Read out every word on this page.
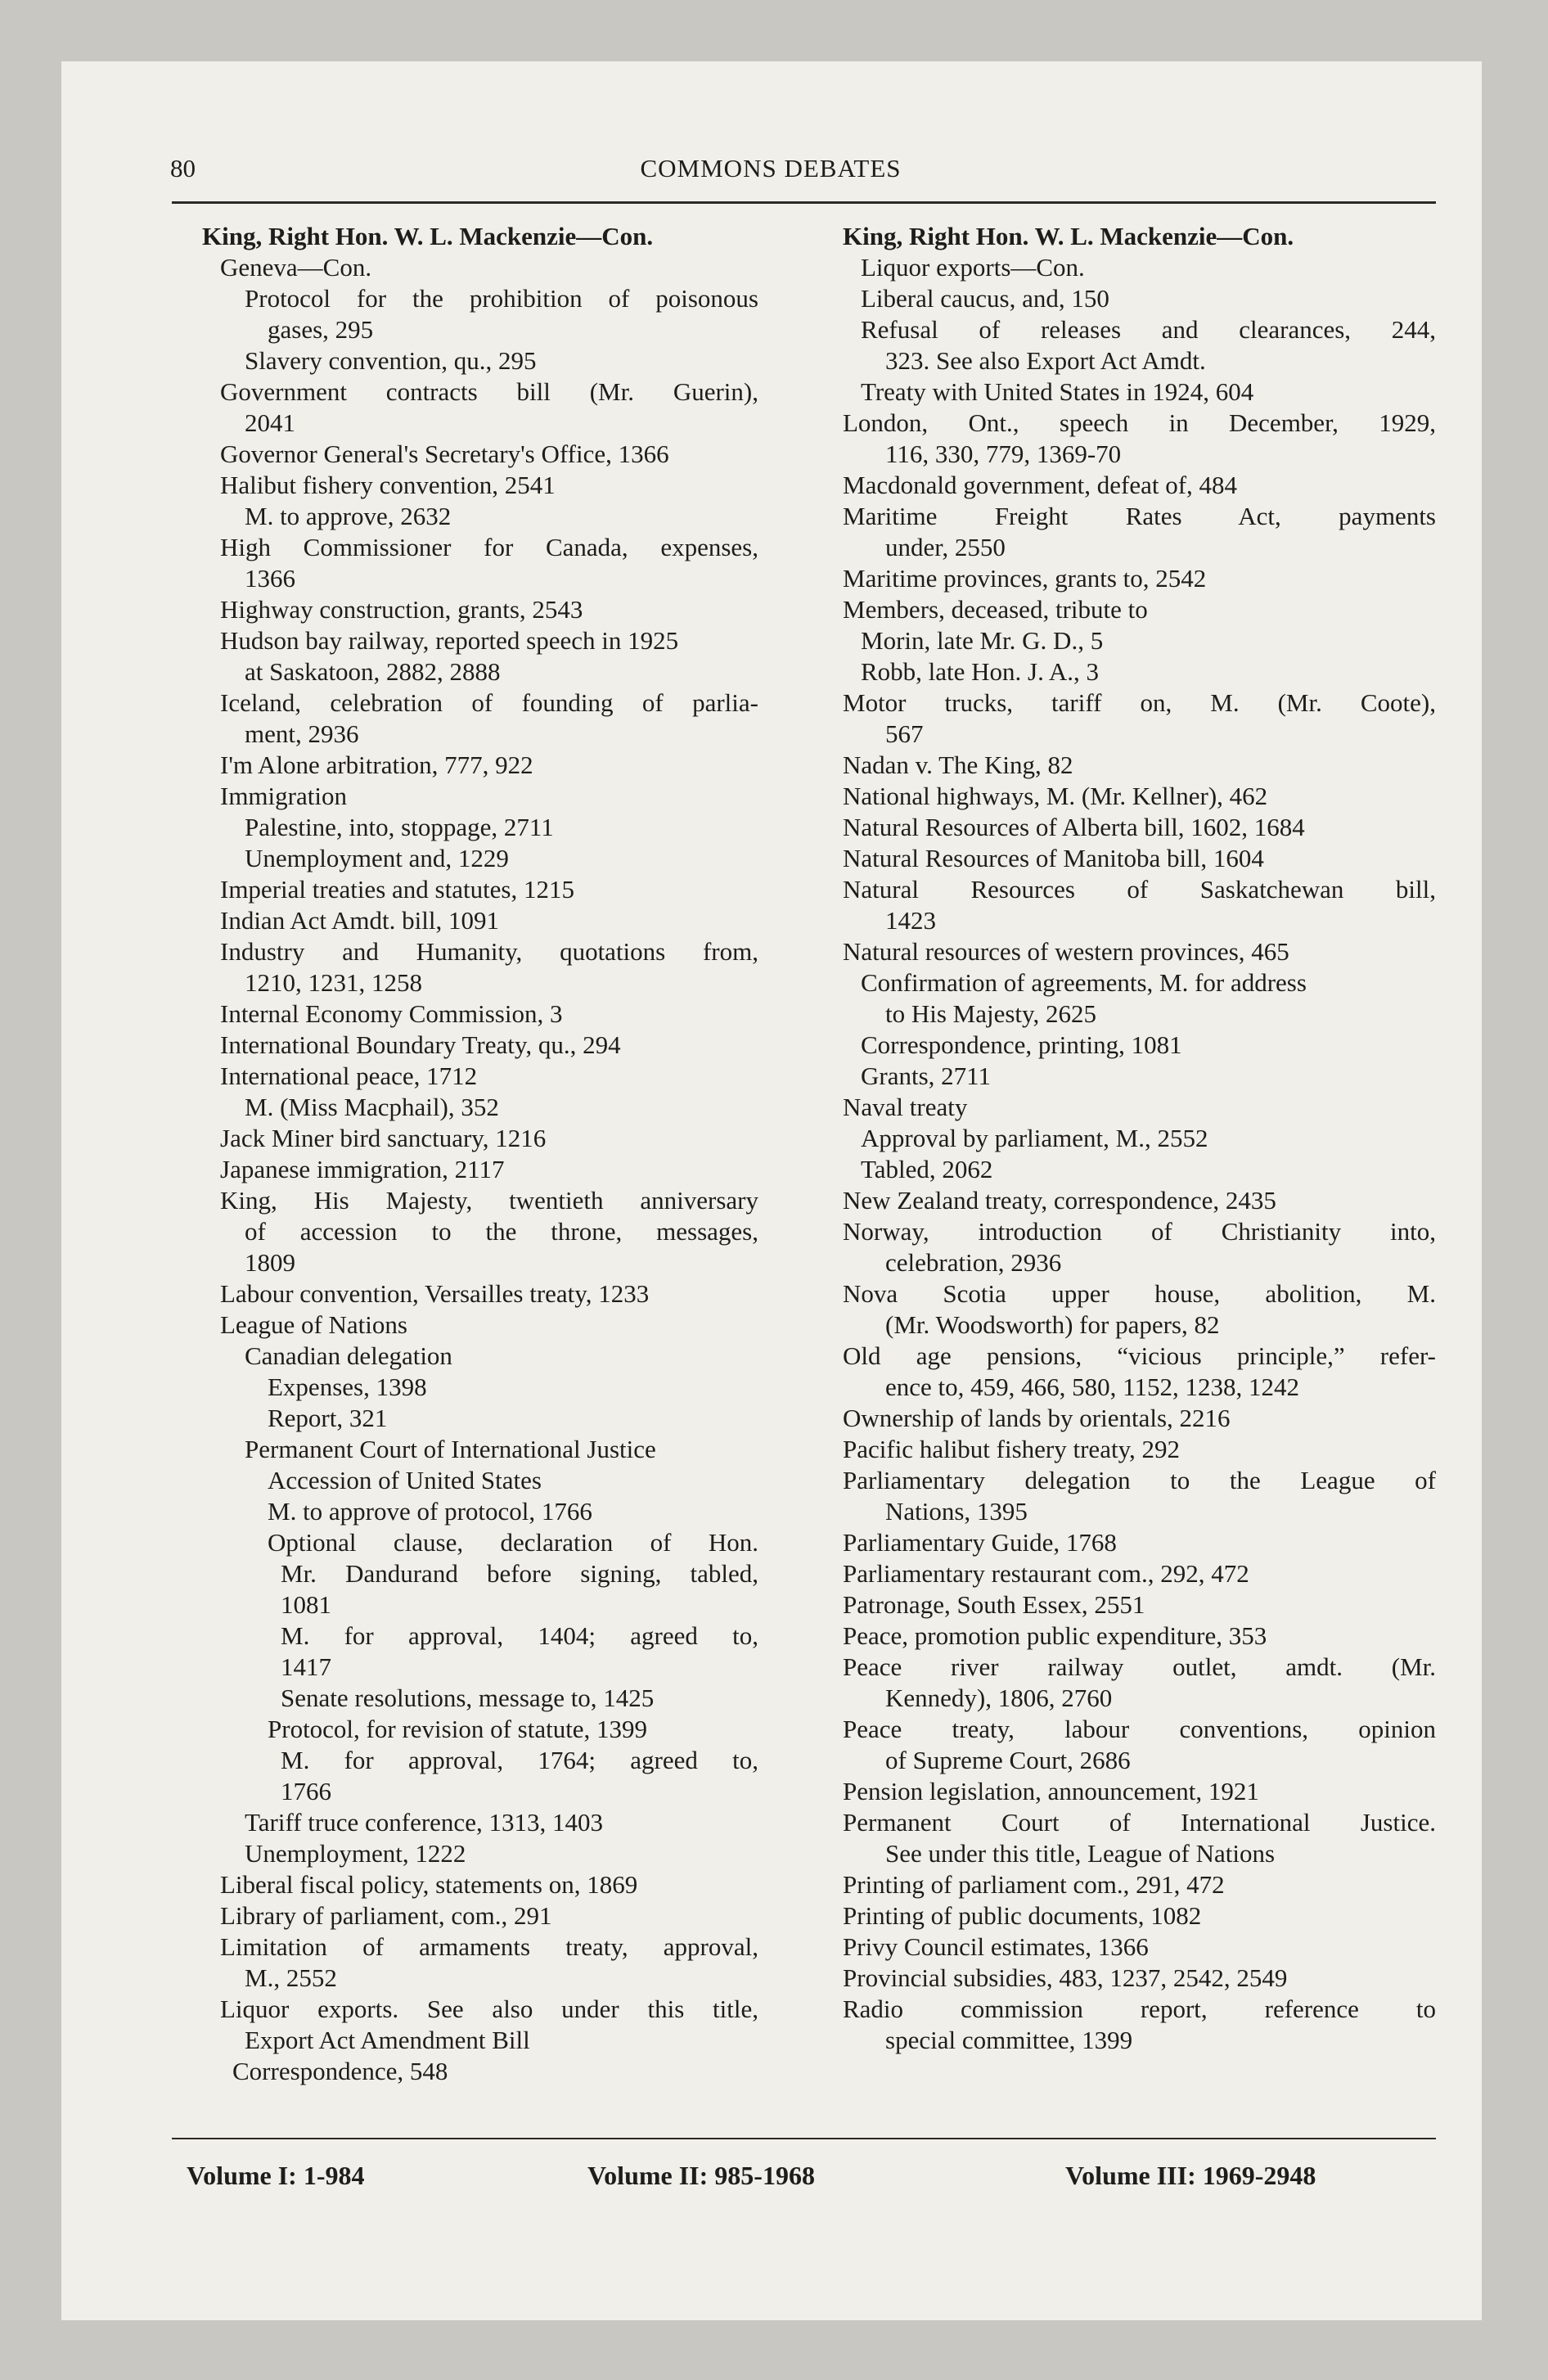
80	COMMONS DEBATES
King, Right Hon. W. L. Mackenzie—Con.
Geneva—Con.
Protocol for the prohibition of poisonous
gases, 295
Slavery convention, qu., 295
Government contracts bill (Mr. Guerin),
2041
Governor General's Secretary's Office, 1366
Halibut fishery convention, 2541
M. to approve, 2632
High Commissioner for Canada, expenses,
1366
Highway construction, grants, 2543
Hudson bay railway, reported speech in 1925
at Saskatoon, 2882, 2888
Iceland, celebration of founding of parlia-
ment, 2936
I'm Alone arbitration, 777, 922
Immigration
Palestine, into, stoppage, 2711
Unemployment and, 1229
Imperial treaties and statutes, 1215
Indian Act Amdt. bill, 1091
Industry and Humanity, quotations from,
1210, 1231, 1258
Internal Economy Commission, 3
International Boundary Treaty, qu., 294
International peace, 1712
M. (Miss Macphail), 352
Jack Miner bird sanctuary, 1216
Japanese immigration, 2117
King, His Majesty, twentieth anniversary
of accession to the throne, messages,
1809
Labour convention, Versailles treaty, 1233
League of Nations
Canadian delegation
Expenses, 1398
Report, 321
Permanent Court of International Justice
Accession of United States
M. to approve of protocol, 1766
Optional clause, declaration of Hon.
Mr. Dandurand before signing, tabled,
1081
M. for approval, 1404; agreed to,
1417
Senate resolutions, message to, 1425
Protocol, for revision of statute, 1399
M. for approval, 1764; agreed to,
1766
Tariff truce conference, 1313, 1403
Unemployment, 1222
Liberal fiscal policy, statements on, 1869
Library of parliament, com., 291
Limitation of armaments treaty, approval,
M., 2552
Liquor exports. See also under this title,
Export Act Amendment Bill
Correspondence, 548
King, Right Hon. W. L. Mackenzie—Con.
Liquor exports—Con.
Liberal caucus, and, 150
Refusal of releases and clearances, 244,
323. See also Export Act Amdt.
Treaty with United States in 1924, 604
London, Ont., speech in December, 1929,
116, 330, 779, 1369-70
Macdonald government, defeat of, 484
Maritime Freight Rates Act, payments
under, 2550
Maritime provinces, grants to, 2542
Members, deceased, tribute to
Morin, late Mr. G. D., 5
Robb, late Hon. J. A., 3
Motor trucks, tariff on, M. (Mr. Coote),
567
Nadan v. The King, 82
National highways, M. (Mr. Kellner), 462
Natural Resources of Alberta bill, 1602, 1684
Natural Resources of Manitoba bill, 1604
Natural Resources of Saskatchewan bill,
1423
Natural resources of western provinces, 465
Confirmation of agreements, M. for address
to His Majesty, 2625
Correspondence, printing, 1081
Grants, 2711
Naval treaty
Approval by parliament, M., 2552
Tabled, 2062
New Zealand treaty, correspondence, 2435
Norway, introduction of Christianity into,
celebration, 2936
Nova Scotia upper house, abolition, M.
(Mr. Woodsworth) for papers, 82
Old age pensions, “vicious principle,” refer-
ence to, 459, 466, 580, 1152, 1238, 1242
Ownership of lands by orientals, 2216
Pacific halibut fishery treaty, 292
Parliamentary delegation to the League of
Nations, 1395
Parliamentary Guide, 1768
Parliamentary restaurant com., 292, 472
Patronage, South Essex, 2551
Peace, promotion public expenditure, 353
Peace river railway outlet, amdt. (Mr.
Kennedy), 1806, 2760
Peace treaty, labour conventions, opinion
of Supreme Court, 2686
Pension legislation, announcement, 1921
Permanent Court of International Justice.
See under this title, League of Nations
Printing of parliament com., 291, 472
Printing of public documents, 1082
Privy Council estimates, 1366
Provincial subsidies, 483, 1237, 2542, 2549
Radio commission report, reference to
special committee, 1399
Volume I: 1-984	Volume II: 985-1968	Volume III: 1969-2948
